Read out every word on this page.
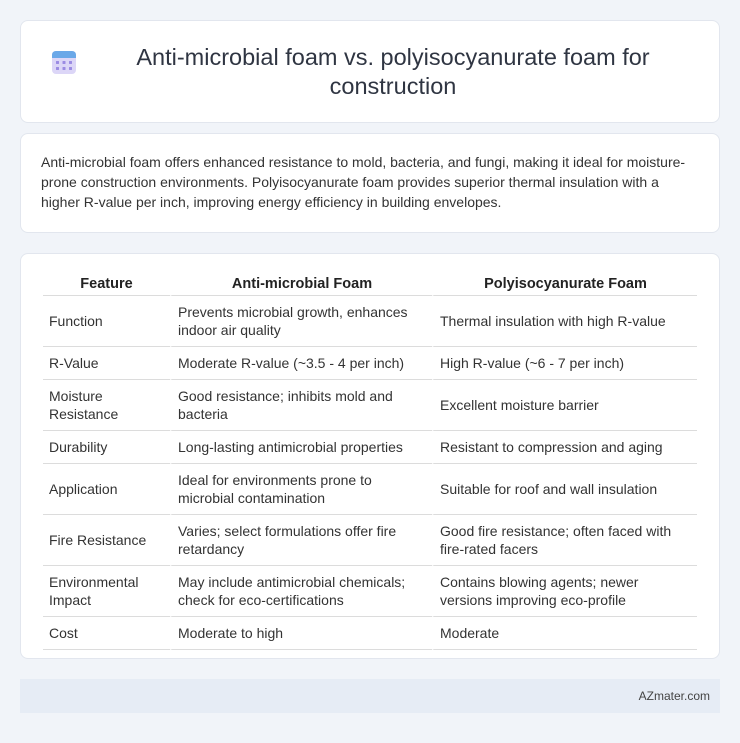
Anti-microbial foam vs. polyisocyanurate foam for construction

Anti-microbial foam offers enhanced resistance to mold, bacteria, and fungi, making it ideal for moisture-prone construction environments. Polyisocyanurate foam provides superior thermal insulation with a higher R-value per inch, improving energy efficiency in building envelopes.

Feature	Anti-microbial Foam	Polyisocyanurate Foam
Function	Prevents microbial growth, enhances indoor air quality	Thermal insulation with high R-value
R-Value	Moderate R-value (~3.5 - 4 per inch)	High R-value (~6 - 7 per inch)
Moisture Resistance	Good resistance; inhibits mold and bacteria	Excellent moisture barrier
Durability	Long-lasting antimicrobial properties	Resistant to compression and aging
Application	Ideal for environments prone to microbial contamination	Suitable for roof and wall insulation
Fire Resistance	Varies; select formulations offer fire retardancy	Good fire resistance; often faced with fire-rated facers
Environmental Impact	May include antimicrobial chemicals; check for eco-certifications	Contains blowing agents; newer versions improving eco-profile
Cost	Moderate to high	Moderate
AZmater.com
